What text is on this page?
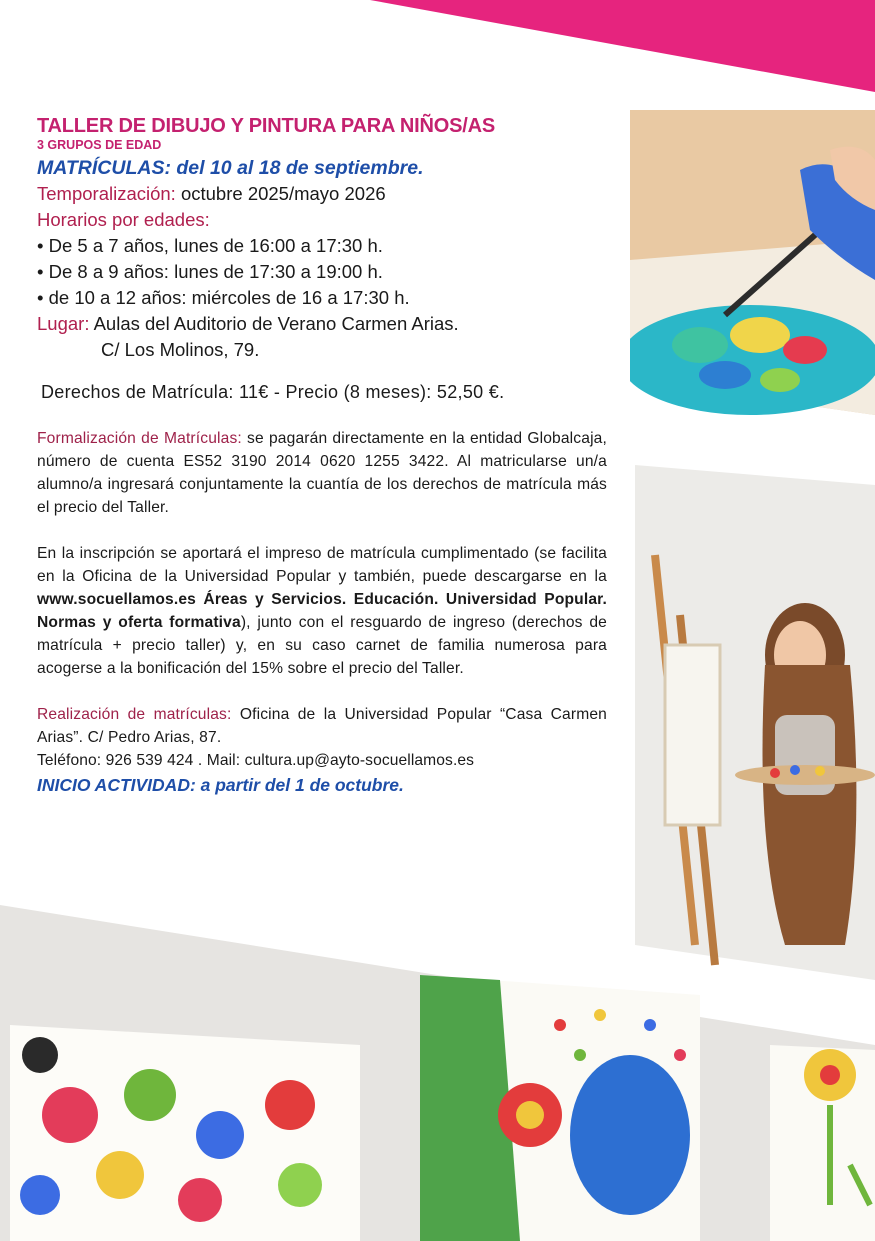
TALLER DE DIBUJO Y PINTURA PARA NIÑOS/AS

3 GRUPOS DE EDAD

MATRÍCULAS: del 10 al 18 de septiembre.

Temporalización: octubre 2025/mayo 2026

Horarios por edades:

• De 5 a 7 años, lunes de 16:00 a 17:30 h.

• De 8 a 9 años: lunes de 17:30 a 19:00 h.

• de 10 a 12 años: miércoles de 16 a 17:30 h.

Lugar: Aulas del Auditorio de Verano Carmen Arias.

C/ Los Molinos, 79.

Derechos de Matrícula: 11€ - Precio (8 meses): 52,50 €.

Formalización de Matrículas: se pagarán directamente en la entidad Globalcaja, número de cuenta ES52 3190 2014 0620 1255 3422. Al matricularse un/a alumno/a ingresará conjuntamente la cuantía de los derechos de matrícula más el precio del Taller.

En la inscripción se aportará el impreso de matrícula cumplimentado (se facilita en la Oficina de la Universidad Popular y también, puede descargarse en la www.socuellamos.es Áreas y Servicios. Educación. Universidad Popular. Normas y oferta formativa), junto con el resguardo de ingreso (derechos de matrícula + precio taller) y, en su caso carnet de familia numerosa para acogerse a la bonificación del 15% sobre el precio del Taller.

Realización de matrículas: Oficina de la Universidad Popular “Casa Carmen Arias”. C/ Pedro Arias, 87.

Teléfono: 926 539 424 . Mail: cultura.up@ayto-socuellamos.es

INICIO ACTIVIDAD: a partir del 1 de octubre.
